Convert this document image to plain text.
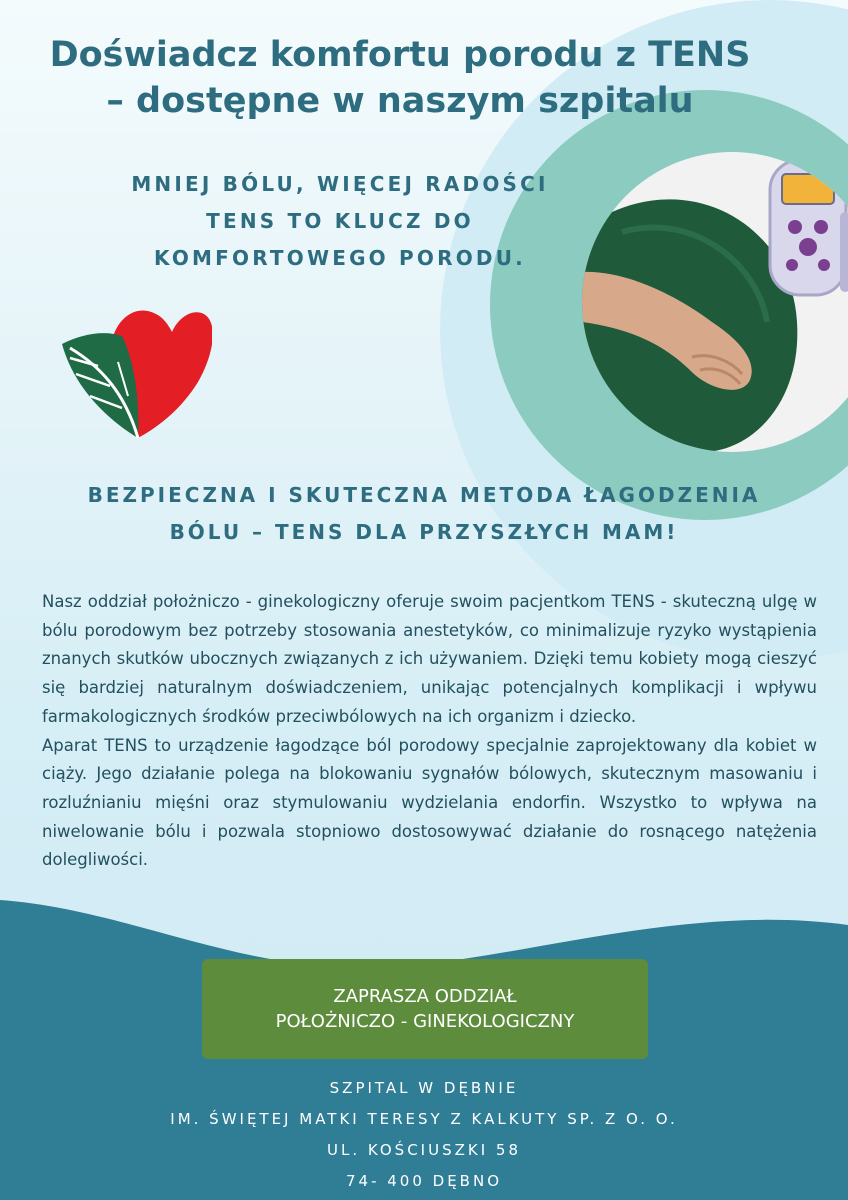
Doświadcz komfortu porodu z TENS
– dostępne w naszym szpitalu
MNIEJ BÓLU, WIĘCEJ RADOŚCI
TENS TO KLUCZ DO
KOMFORTOWEGO PORODU.
BEZPIECZNA I SKUTECZNA METODA ŁAGODZENIA
BÓLU – TENS DLA PRZYSZŁYCH MAM!

Nasz oddział położniczo - ginekologiczny oferuje swoim pacjentkom TENS - skuteczną ulgę w bólu porodowym bez potrzeby stosowania anestetyków, co minimalizuje ryzyko wystąpienia znanych skutków ubocznych związanych z ich używaniem. Dzięki temu kobiety mogą cieszyć się bardziej naturalnym doświadczeniem, unikając potencjalnych komplikacji i wpływu farmakologicznych środków przeciwbólowych na ich organizm i dziecko.

Aparat TENS to urządzenie łagodzące ból porodowy specjalnie zaprojektowany dla kobiet w ciąży. Jego działanie polega na blokowaniu sygnałów bólowych, skutecznym masowaniu i rozluźnianiu mięśni oraz stymulowaniu wydzielania endorfin. Wszystko to wpływa na niwelowanie bólu i pozwala stopniowo dostosowywać działanie do rosnącego natężenia dolegliwości.

ZAPRASZA ODDZIAŁ
POŁOŻNICZO - GINEKOLOGICZNY
SZPITAL W DĘBNIE
IM. ŚWIĘTEJ MATKI TERESY Z KALKUTY SP. Z O. O.
UL. KOŚCIUSZKI 58
74- 400 DĘBNO
